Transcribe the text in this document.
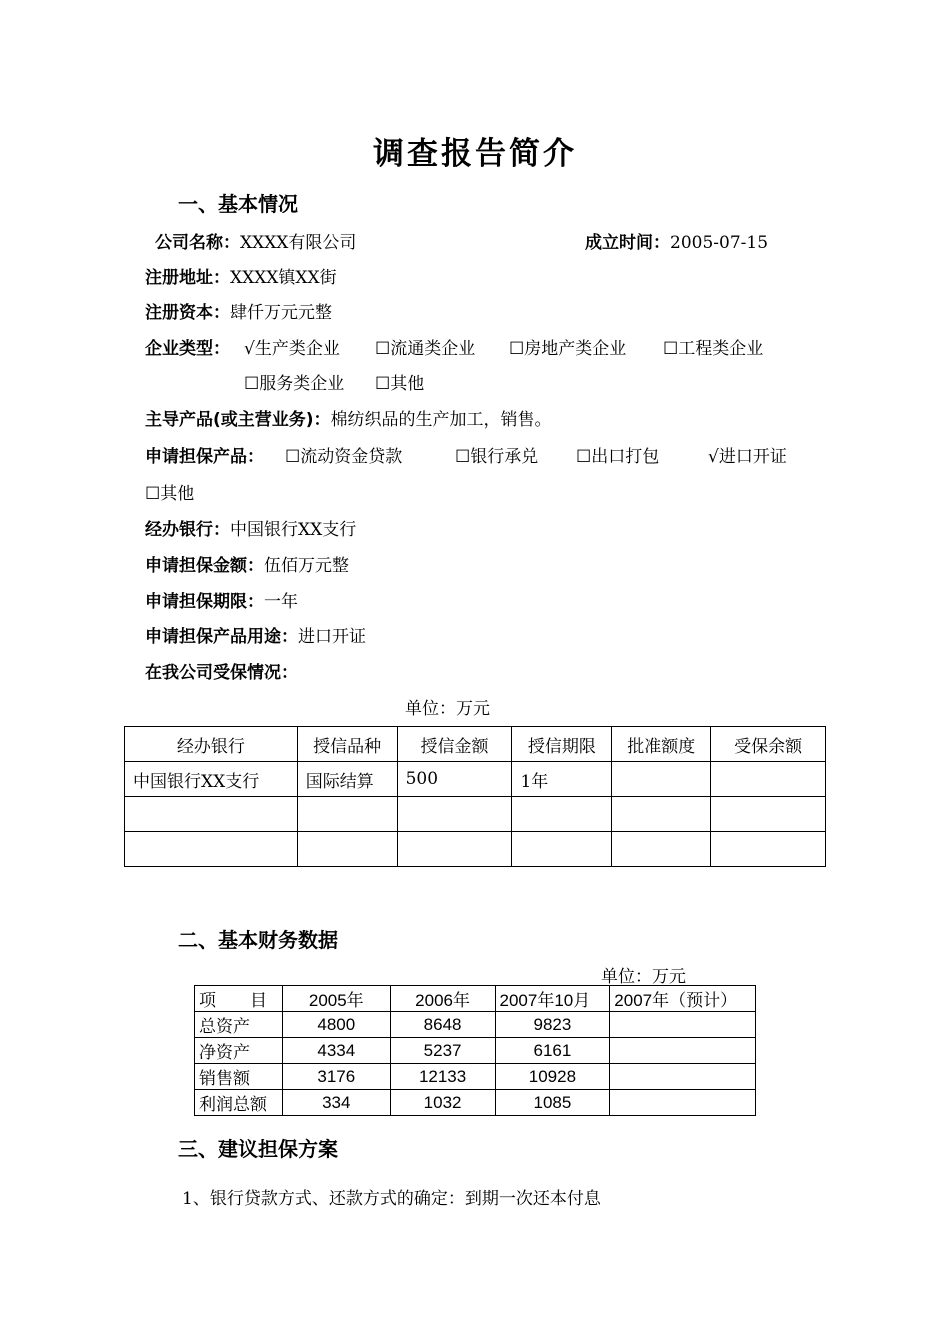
调查报告简介
一、基本情况
公司名称：XXXX有限公司	成立时间：2005-07-15
注册地址：XXXX镇XX街
注册资本：肆仟万元元整
企业类型： √生产类企业 ☐流通类企业 ☐房地产类企业 ☐工程类企业
☐服务类企业 ☐其他
主导产品(或主营业务)：棉纺织品的生产加工，销售。
申请担保产品： ☐流动资金贷款	☐银行承兑 ☐出口打包	√进口开证
☐其他
经办银行：中国银行XX支行
申请担保金额：伍佰万元整
申请担保期限：一年
申请担保产品用途：进口开证
在我公司受保情况：
单位：万元
经办银行	授信品种	授信金额	授信期限	批准额度	受保余额
中国银行XX支行	国际结算	500	1年		

二、基本财务数据
单位：万元
项　　目	2005年	2006年	2007年10月	2007年（预计）
总资产	4800	8648	9823	
净资产	4334	5237	6161	
销售额	3176	12133	10928	
利润总额	334	1032	1085	
三、建议担保方案
1、银行贷款方式、还款方式的确定：到期一次还本付息
